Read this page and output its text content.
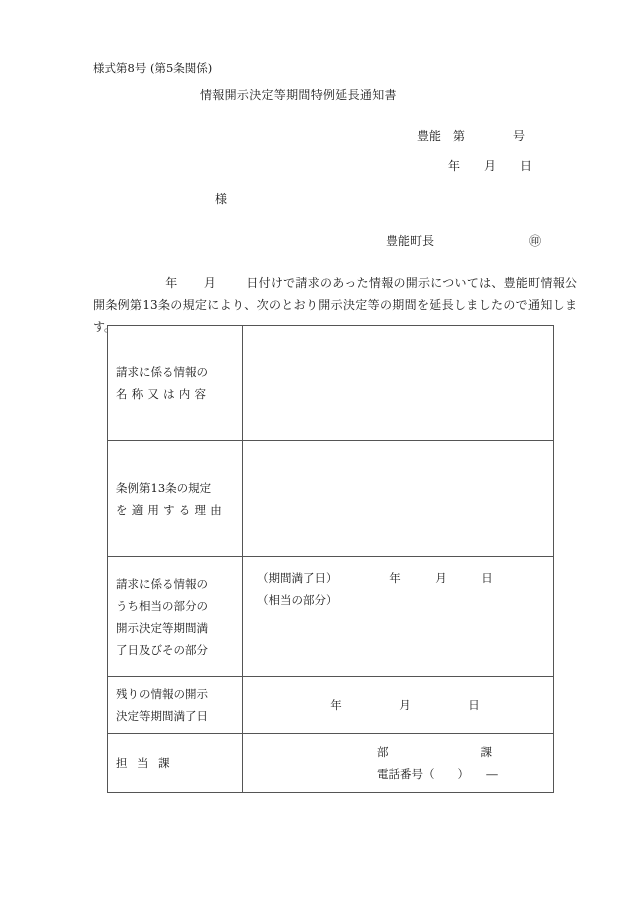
様式第8号 (第5条関係)
情報開示決定等期間特例延長通知書
豊能　第　　　　号
年　　月　　日
様
豊能町長	㊞
年 月	日付けで請求のあった情報の開示については、豊能町情報公開条例第13条の規定により、次のとおり開示決定等の期間を延長しましたので通知します。
請求に係る情報の
名称又は内容	

条例第13条の規定
を適用する理由	

請求に係る情報の
うち相当の部分の
開示決定等期間満
了日及びその部分	（期間満了日）　　　　　年　　　月　　　日
（相当の部分）

残りの情報の開示
決定等期間満了日	年　　　　　月　　　　　日

担当課	部　　　　　　　　課
電話番号（　　）　　―
